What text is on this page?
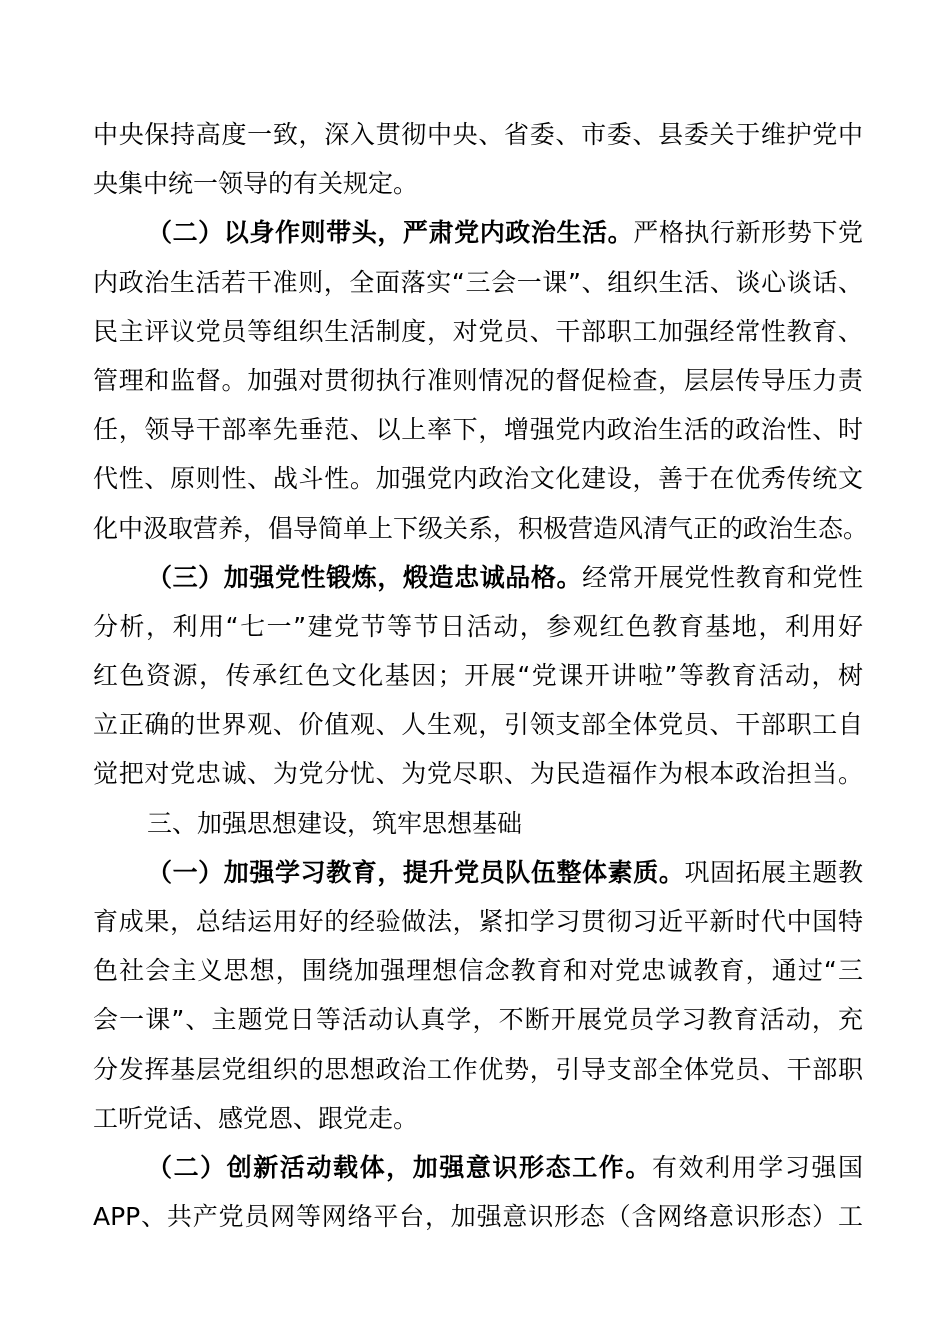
中央保持高度一致，深入贯彻中央、省委、市委、县委关于维护党中
央集中统一领导的有关规定。
（二）以身作则带头，严肃党内政治生活。严格执行新形势下党
内政治生活若干准则，全面落实“三会一课”、组织生活、谈心谈话、
民主评议党员等组织生活制度，对党员、干部职工加强经常性教育、
管理和监督。加强对贯彻执行准则情况的督促检查，层层传导压力责
任，领导干部率先垂范、以上率下，增强党内政治生活的政治性、时
代性、原则性、战斗性。加强党内政治文化建设，善于在优秀传统文
化中汲取营养，倡导简单上下级关系，积极营造风清气正的政治生态。
（三）加强党性锻炼，煅造忠诚品格。经常开展党性教育和党性
分析，利用“七一”建党节等节日活动，参观红色教育基地，利用好
红色资源，传承红色文化基因；开展“党课开讲啦”等教育活动，树
立正确的世界观、价值观、人生观，引领支部全体党员、干部职工自
觉把对党忠诚、为党分忧、为党尽职、为民造福作为根本政治担当。
三、加强思想建设，筑牢思想基础
（一）加强学习教育，提升党员队伍整体素质。巩固拓展主题教
育成果，总结运用好的经验做法，紧扣学习贯彻习近平新时代中国特
色社会主义思想，围绕加强理想信念教育和对党忠诚教育，通过“三
会一课”、主题党日等活动认真学，不断开展党员学习教育活动，充
分发挥基层党组织的思想政治工作优势，引导支部全体党员、干部职
工听党话、感党恩、跟党走。
（二）创新活动载体，加强意识形态工作。有效利用学习强国
APP、共产党员网等网络平台，加强意识形态（含网络意识形态）工
